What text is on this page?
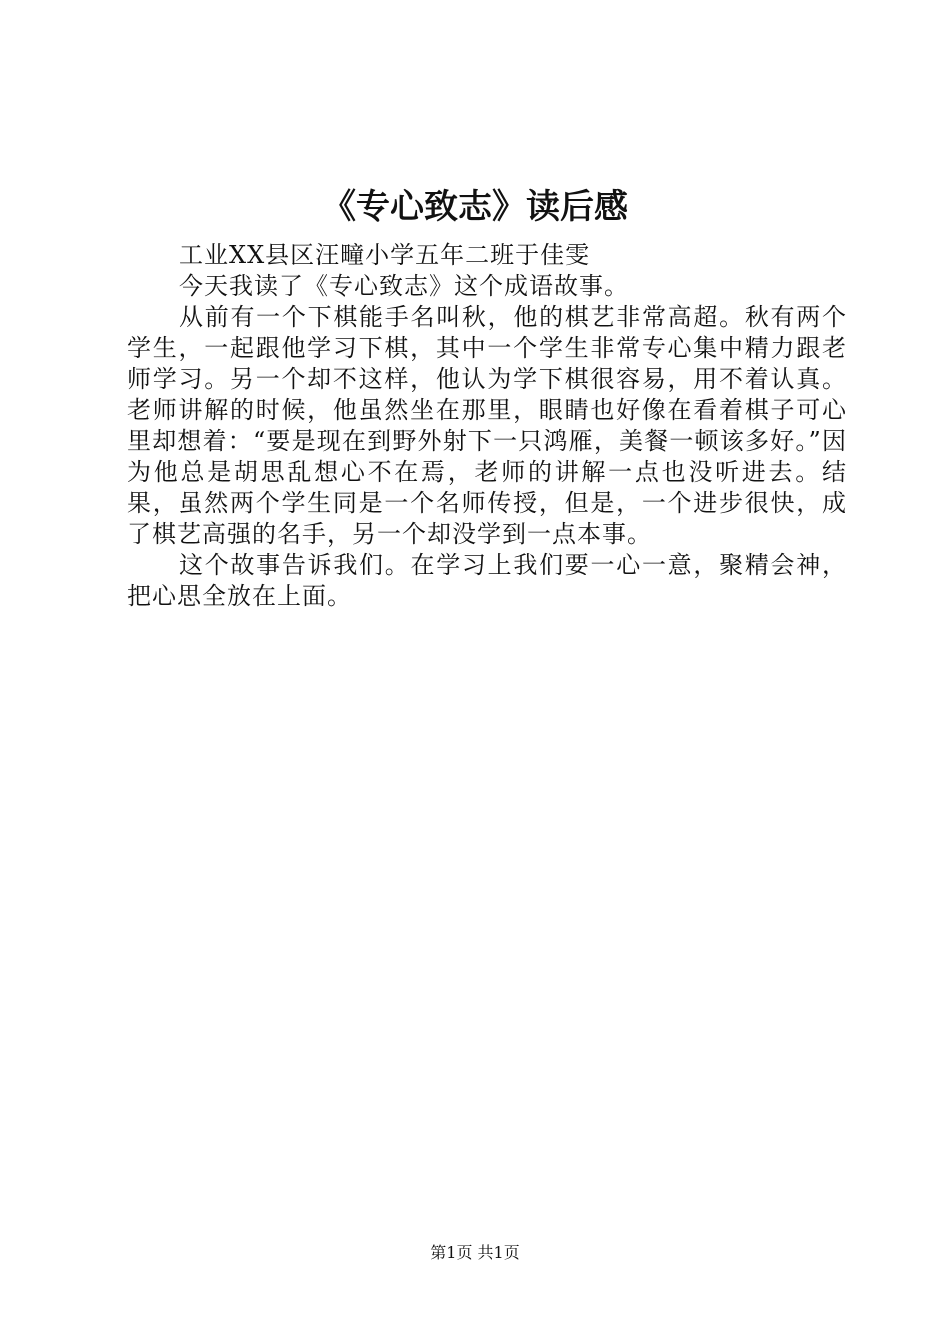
《专心致志》读后感

工业XX县区汪疃小学五年二班于佳雯

今天我读了《专心致志》这个成语故事。

从前有一个下棋能手名叫秋，他的棋艺非常高超。秋有两个学生，一起跟他学习下棋，其中一个学生非常专心集中精力跟老师学习。另一个却不这样，他认为学下棋很容易，用不着认真。老师讲解的时候，他虽然坐在那里，眼睛也好像在看着棋子可心里却想着：“要是现在到野外射下一只鸿雁，美餐一顿该多好。”因为他总是胡思乱想心不在焉，老师的讲解一点也没听进去。结果，虽然两个学生同是一个名师传授，但是，一个进步很快，成了棋艺高强的名手，另一个却没学到一点本事。

这个故事告诉我们。在学习上我们要一心一意，聚精会神，把心思全放在上面。

第1页 共1页
